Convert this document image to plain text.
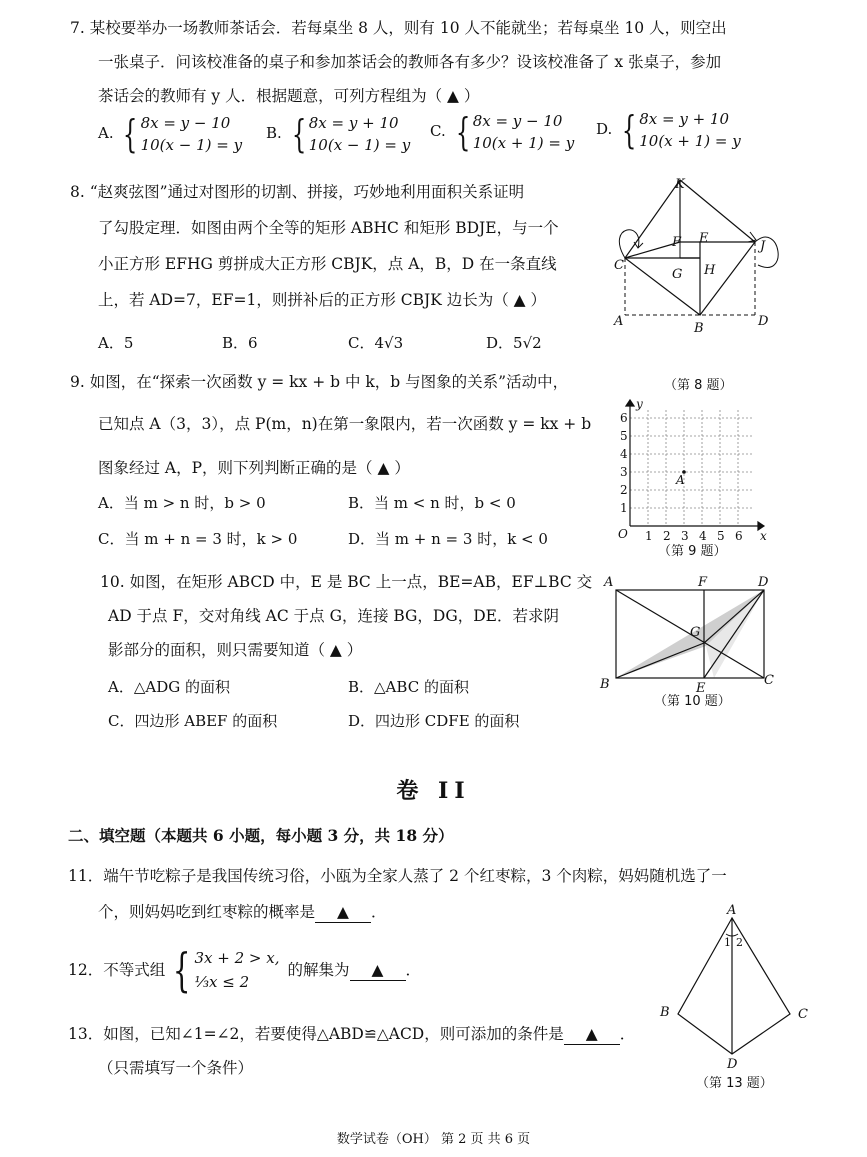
7. 某校要举办一场教师茶话会．若每桌坐 8 人，则有 10 人不能就坐；若每桌坐 10 人，则空出
一张桌子．问该校准备的桌子和参加茶话会的教师各有多少？设该校准备了 x 张桌子，参加
茶话会的教师有 y 人．根据题意，可列方程组为（ ▲ ）
A. { 8x = y − 10
10(x − 1) = y
B. { 8x = y + 10
10(x − 1) = y
C. { 8x = y − 10
10(x + 1) = y
D. { 8x = y + 10
10(x + 1) = y
8. “赵爽弦图”通过对图形的切割、拼接，巧妙地利用面积关系证明
了勾股定理．如图由两个全等的矩形 ABHC 和矩形 BDJE，与一个
小正方形 EFHG 剪拼成大正方形 CBJK，点 A，B，D 在一条直线
上，若 AD=7，EF=1，则拼补后的正方形 CBJK 边长为（ ▲ ）
A．5	B．6	C．4√3	D．5√2
K
F E
J
C
G H
A	B	D
（第 8 题）
9. 如图，在“探索一次函数 y = kx + b 中 k，b 与图象的关系”活动中，
已知点 A（3，3），点 P(m，n)在第一象限内，若一次函数 y = kx + b
图象经过 A，P，则下列判断正确的是（ ▲ ）
A．当 m > n 时，b > 0	B．当 m < n 时，b < 0
C．当 m + n = 3 时，k > 0	D．当 m + n = 3 时，k < 0	O	x
y
1 2 3 4 5 6
1
2
3
4
5
6
A
（第 9 题）
10. 如图，在矩形 ABCD 中，E 是 BC 上一点，BE=AB，EF⊥BC 交
AD 于点 F，交对角线 AC 于点 G，连接 BG，DG，DE．若求阴
影部分的面积，则只需要知道（ ▲ ）
A．△ADG 的面积	B．△ABC 的面积
C．四边形 ABEF 的面积	D．四边形 CDFE 的面积
A	F	D
G
B	E
C
（第 10 题）
卷 II
二、填空题（本题共 6 小题，每小题 3 分，共 18 分）
11．端午节吃粽子是我国传统习俗，小瓯为全家人蒸了 2 个红枣粽，3 个肉粽，妈妈随机选了一
个，则妈妈吃到红枣粽的概率是 ▲ ．
12．不等式组 { 3x + 2 > x,
⅓x ≤ 2
的解集为	▲	．
13．如图，已知∠1=∠2，若要使得△ABD≌△ACD，则可添加的条件是 ▲ ．
（只需填写一个条件）
A
B	C
D
1 2
（第 13 题）
数学试卷（OH） 第 2 页 共 6 页
